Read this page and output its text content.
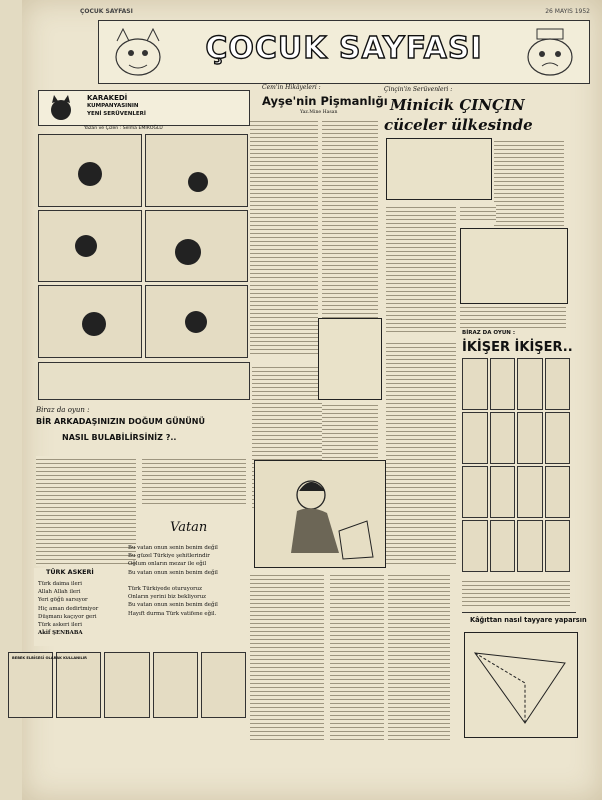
ÇOCUK SAYFASI	26 MAYIS 1952
ÇOCUK SAYFASI
KARAKEDİ
KUMPANYASININ
YENİ SERÜVENLERİ
Yazan ve Çizen : Selma EMİROĞLU
Biraz da oyun :
BİR ARKADAŞINIZIN DOĞUM GÜNÜNÜ
NASIL BULABİLİRSİNİZ ?..
TÜRK ASKERİ
Türk daima ileri
Allah Allah ileri
Yeri göğü sarsıyor
Hiç aman dedirtmiyor
Düşmanı kaçıyor geri
Türk askeri ileri
Akif ŞENBABA
Vatan
Bu vatan onun senin benim değil
Bu güzel Türkiye şehitlerindir
Oğlum onların mezar ile eğil
Bu vatan onun senin benim değil

Türk Türkiyede oturuyoruz
Onların yerini biz bekliyoruz
Bu vatan onun senin benim değil
Hayıft durma Türk vatifene eğil.
BEBEK ELBİSESİ OLARAK KULLANILIR
Cem'in Hikâyeleri :
Ayşe'nin Pişmanlığı
Yaz.Mine Hasan
Çinçin'in Serüvenleri :
Minicik ÇINÇIN
cüceler ülkesinde
BİRAZ DA OYUN :
İKİŞER İKİŞER..
Kâğıttan nasıl tayyare yaparsın
